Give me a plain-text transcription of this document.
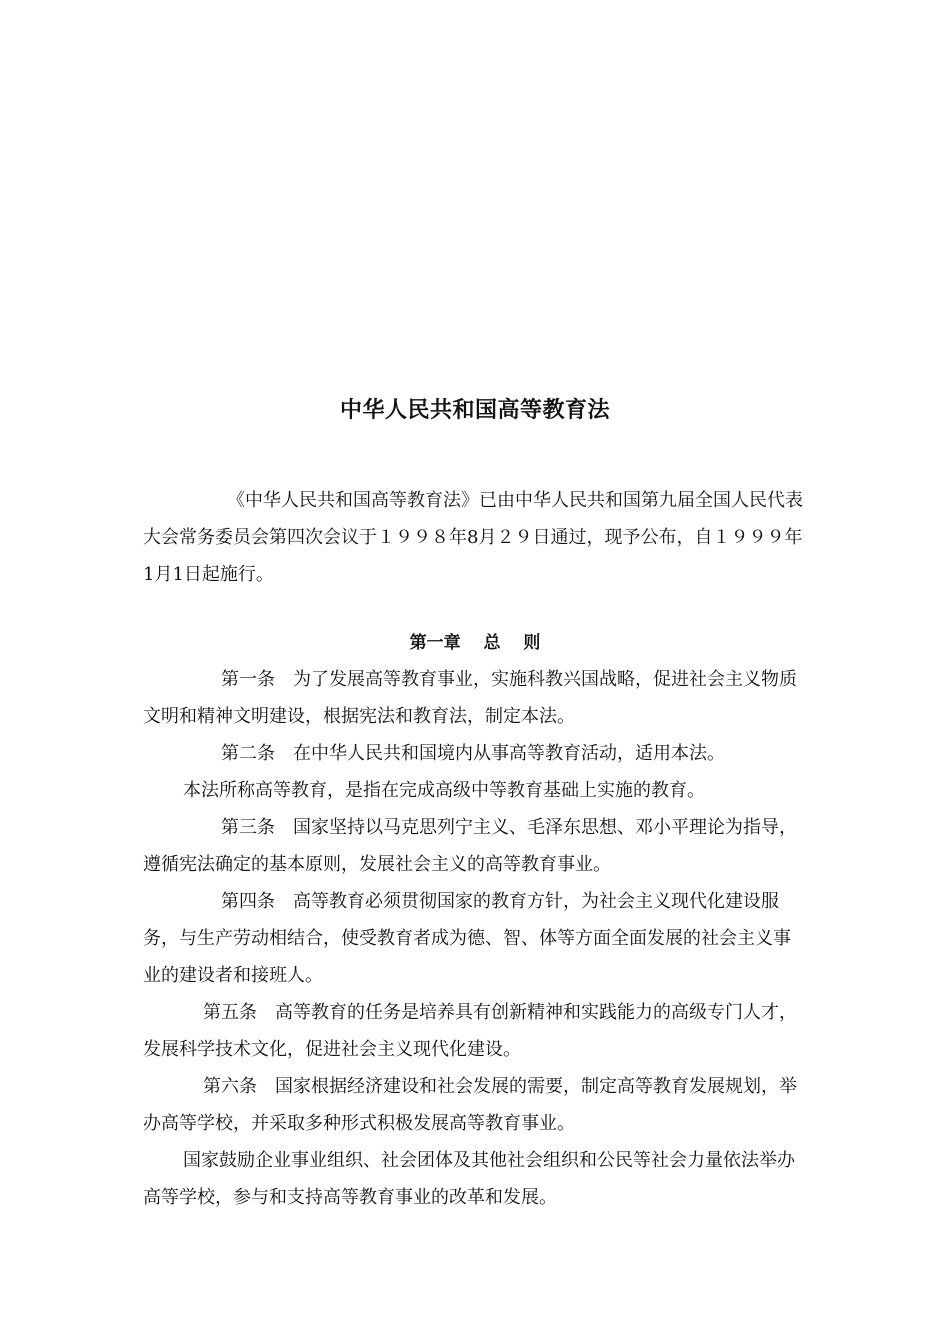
中华人民共和国高等教育法

《中华人民共和国高等教育法》已由中华人民共和国第九届全国人民代表大会常务委员会第四次会议于１９９８年8月２９日通过，现予公布，自１９９９年1月1日起施行。

第一章　 总　 则

第一条 为了发展高等教育事业，实施科教兴国战略，促进社会主义物质文明和精神文明建设，根据宪法和教育法，制定本法。

第二条 在中华人民共和国境内从事高等教育活动，适用本法。

本法所称高等教育，是指在完成高级中等教育基础上实施的教育。

第三条 国家坚持以马克思列宁主义、毛泽东思想、邓小平理论为指导，遵循宪法确定的基本原则，发展社会主义的高等教育事业。

第四条 高等教育必须贯彻国家的教育方针，为社会主义现代化建设服务，与生产劳动相结合，使受教育者成为德、智、体等方面全面发展的社会主义事业的建设者和接班人。

第五条 高等教育的任务是培养具有创新精神和实践能力的高级专门人才，发展科学技术文化，促进社会主义现代化建设。

第六条 国家根据经济建设和社会发展的需要，制定高等教育发展规划，举办高等学校，并采取多种形式积极发展高等教育事业。

国家鼓励企业事业组织、社会团体及其他社会组织和公民等社会力量依法举办高等学校，参与和支持高等教育事业的改革和发展。
